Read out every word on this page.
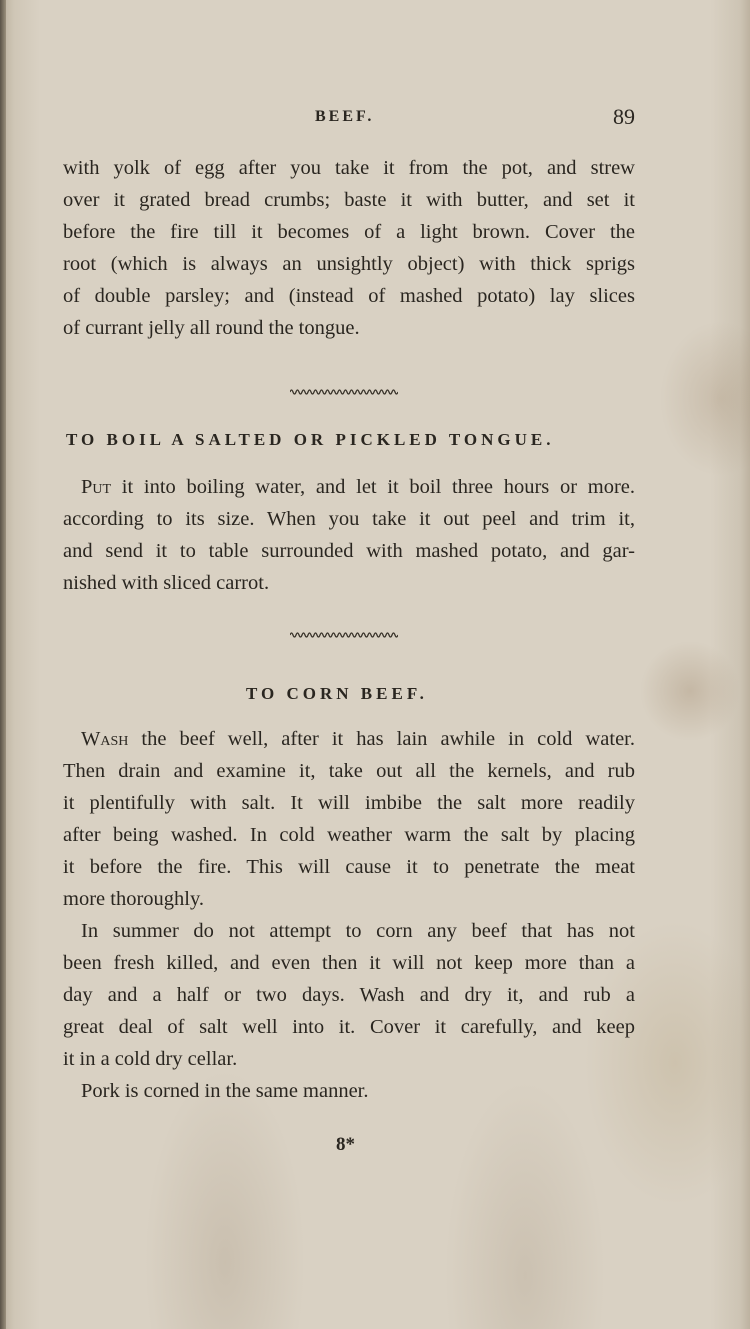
BEEF.	89
with yolk of egg after you take it from the pot, and strew
over it grated bread crumbs; baste it with butter, and set it
before the fire till it becomes of a light brown. Cover the
root (which is always an unsightly object) with thick sprigs
of double parsley; and (instead of mashed potato) lay slices
of currant jelly all round the tongue.
TO BOIL A SALTED OR PICKLED TONGUE.
Put it into boiling water, and let it boil three hours or more.
according to its size. When you take it out peel and trim it,
and send it to table surrounded with mashed potato, and gar-
nished with sliced carrot.
TO CORN BEEF.
Wash the beef well, after it has lain awhile in cold water.
Then drain and examine it, take out all the kernels, and rub
it plentifully with salt. It will imbibe the salt more readily
after being washed. In cold weather warm the salt by placing
it before the fire. This will cause it to penetrate the meat
more thoroughly.
In summer do not attempt to corn any beef that has not
been fresh killed, and even then it will not keep more than a
day and a half or two days. Wash and dry it, and rub a
great deal of salt well into it. Cover it carefully, and keep
it in a cold dry cellar.
Pork is corned in the same manner.
8*
